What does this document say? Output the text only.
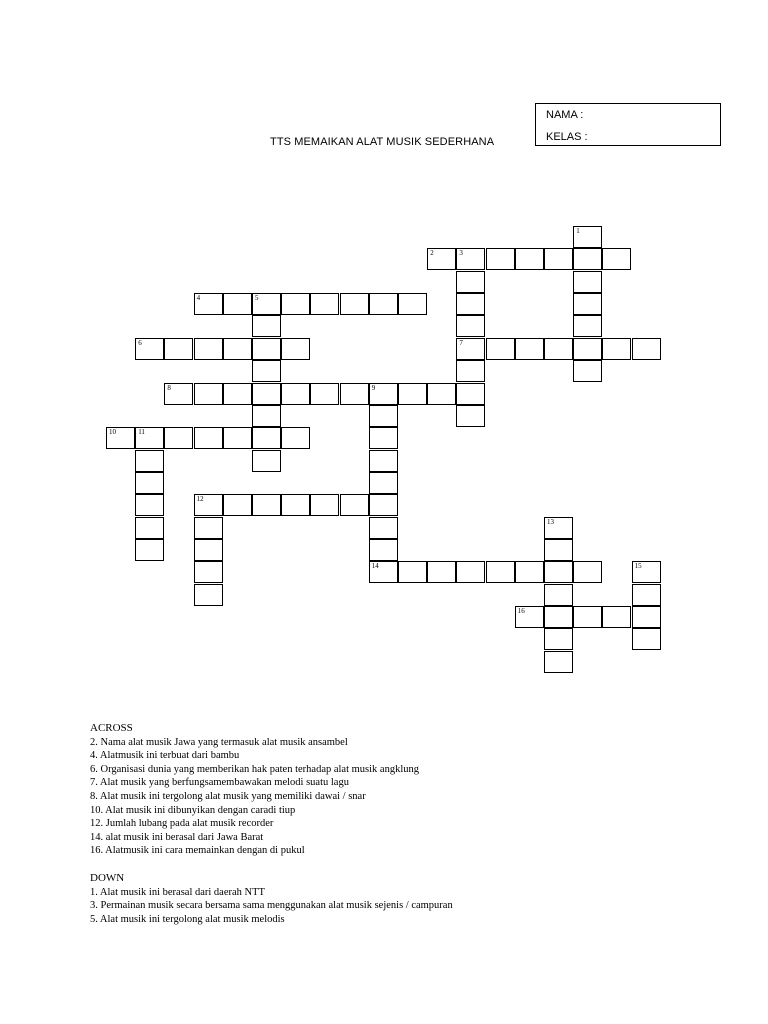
NAMA :
KELAS :
TTS MEMAIKAN ALAT MUSIK SEDERHANA
1
2	3
4	5
6	7
8	9
10	11
12
13
14	15
16
ACROSS
2. Nama alat musik Jawa yang termasuk alat musik ansambel
4. Alatmusik ini terbuat dari bambu
6. Organisasi dunia yang memberikan hak paten terhadap alat musik angklung
7. Alat musik yang berfungsamembawakan melodi suatu lagu
8. Alat musik ini tergolong alat musik yang memiliki dawai / snar
10. Alat musik ini dibunyikan dengan caradi tiup
12. Jumlah lubang pada alat musik recorder
14. alat musik ini berasal dari Jawa Barat
16. Alatmusik ini cara memainkan dengan di pukul
DOWN
1. Alat musik ini berasal dari daerah NTT
3. Permainan musik secara bersama sama menggunakan alat musik sejenis / campuran
5. Alat musik ini tergolong alat musik melodis
